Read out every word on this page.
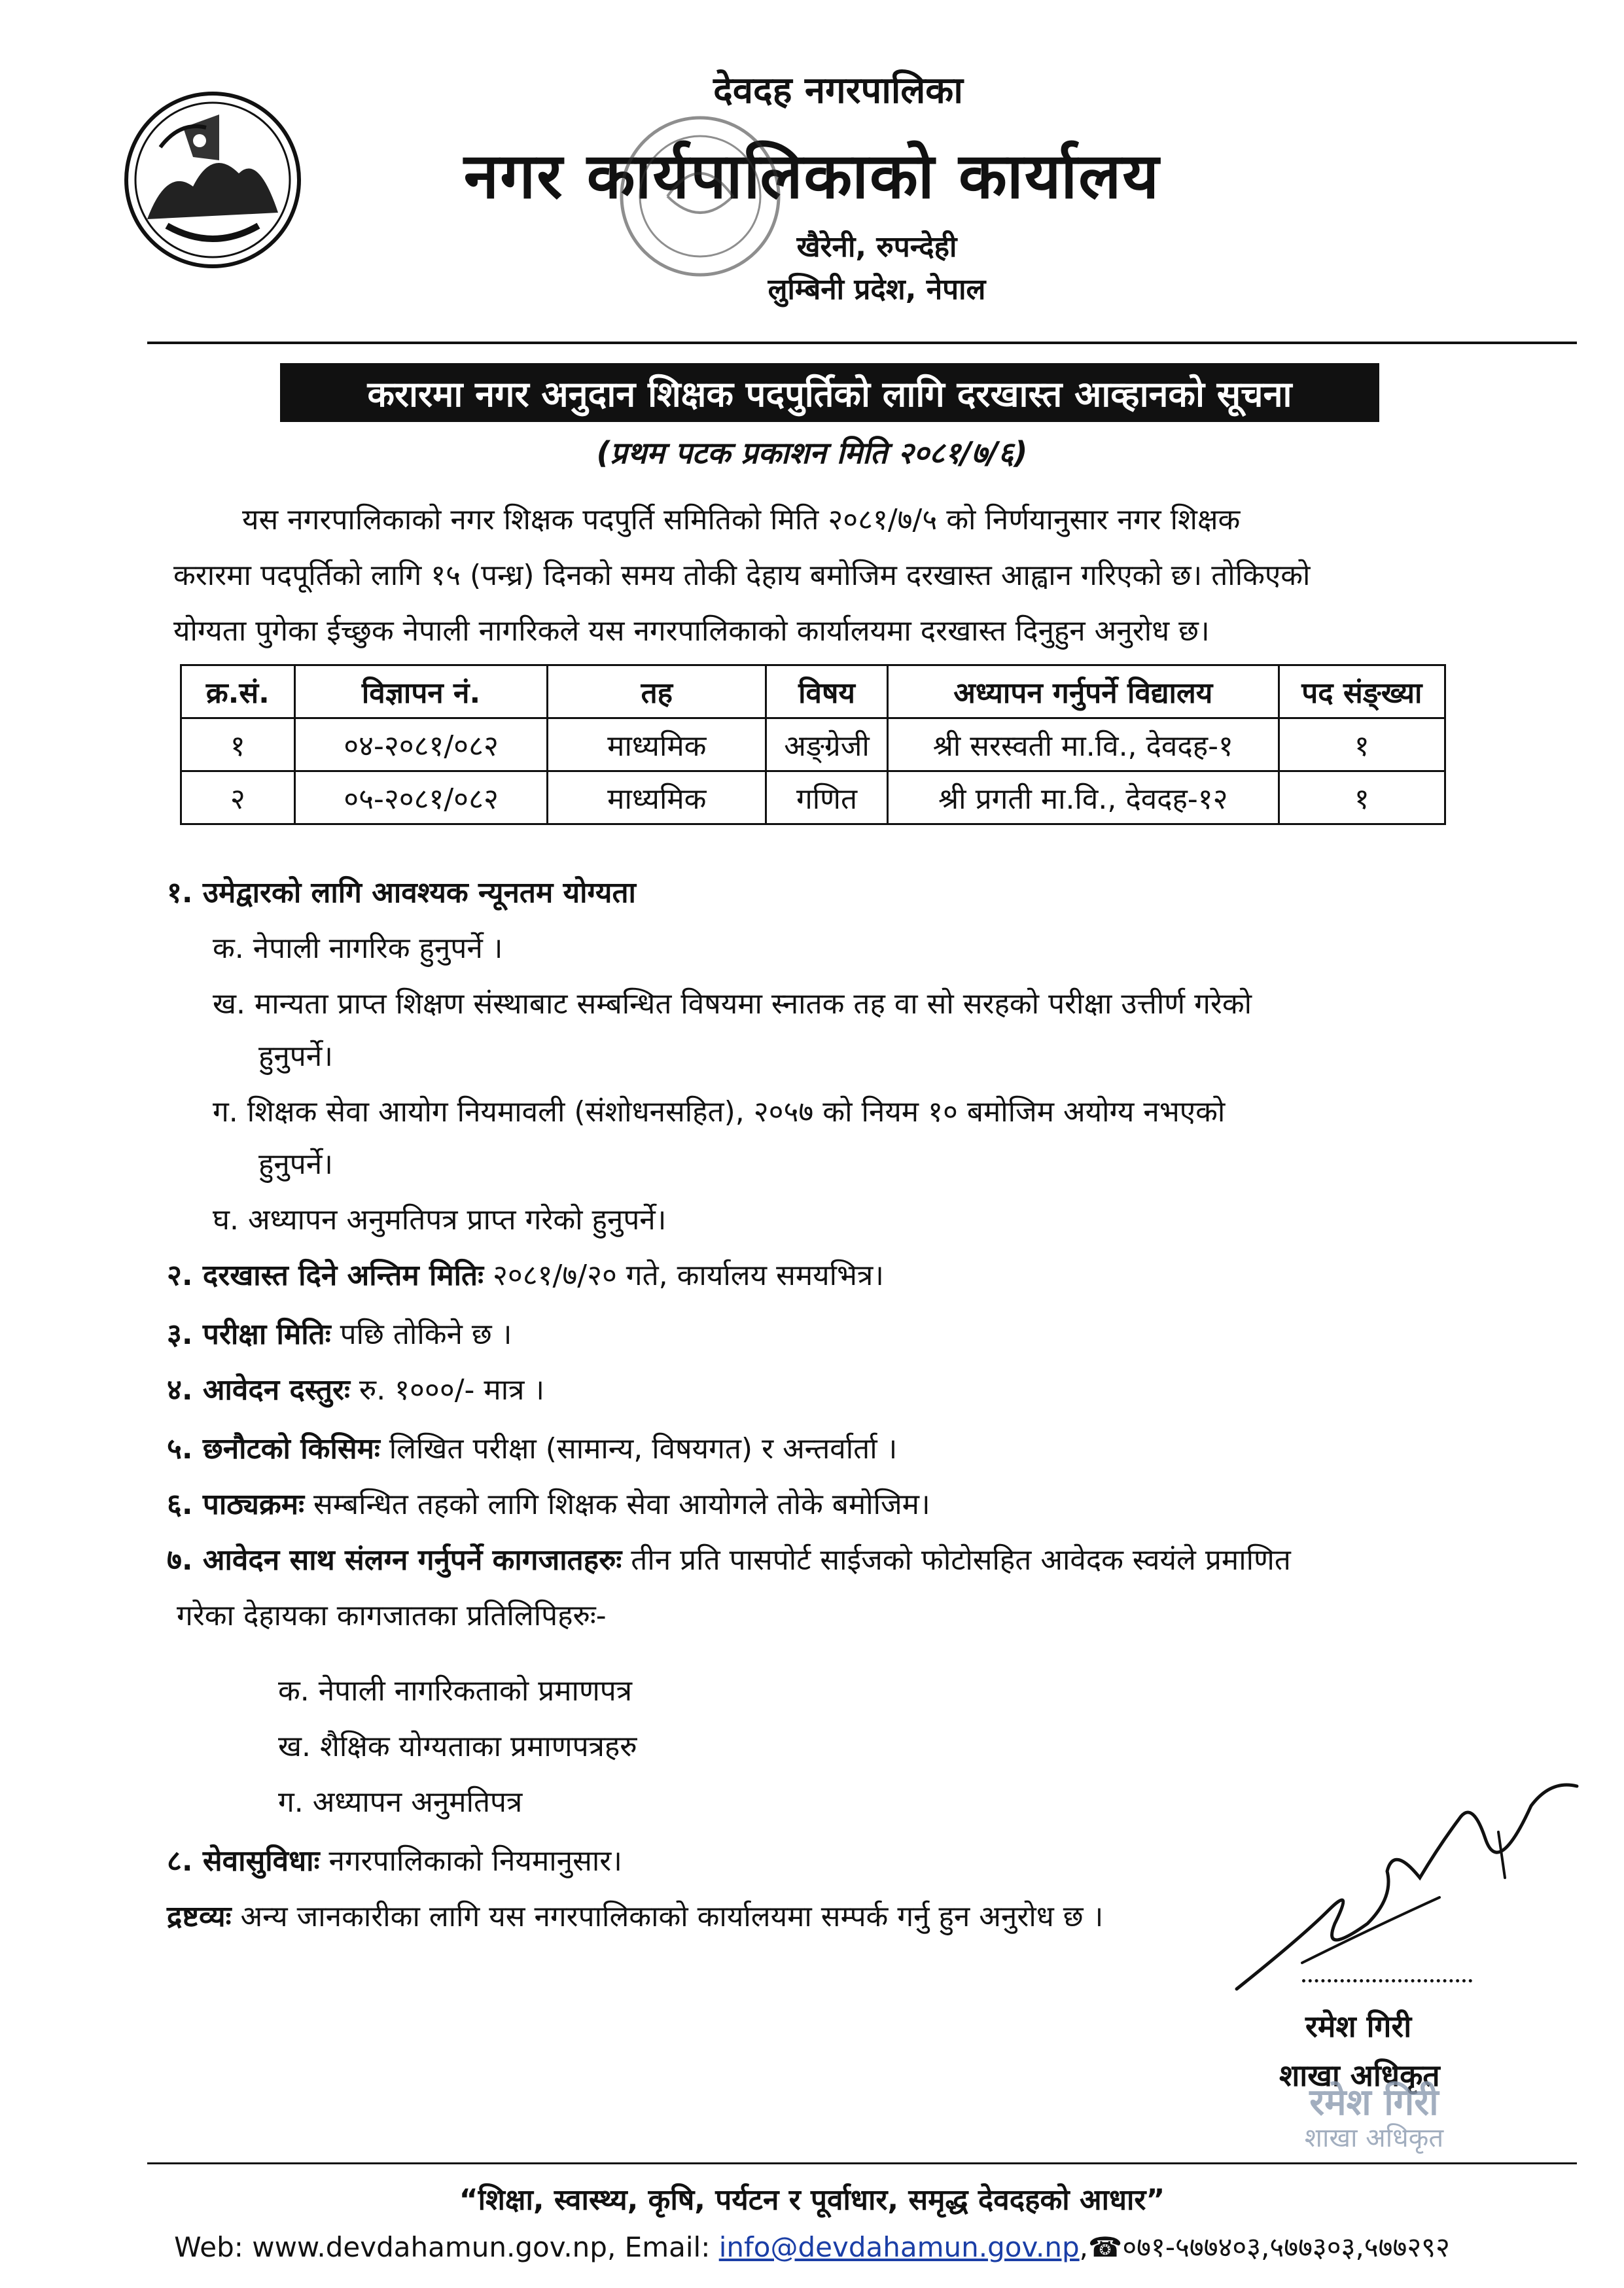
देवदह नगरपालिका
नगर कार्यपालिकाको कार्यालय
खैरेनी, रुपन्देही
लुम्बिनी प्रदेश, नेपाल
करारमा नगर अनुदान शिक्षक पदपुर्तिको लागि दरखास्त आव्हानको सूचना
(प्रथम पटक प्रकाशन मिति २०८१/७/६)
यस नगरपालिकाको नगर शिक्षक पदपुर्ति समितिको मिति २०८१/७/५ को निर्णयानुसार नगर शिक्षक
करारमा पदपूर्तिको लागि १५ (पन्ध्र) दिनको समय तोकी देहाय बमोजिम दरखास्त आह्वान गरिएको छ। तोकिएको
योग्यता पुगेका ईच्छुक नेपाली नागरिकले यस नगरपालिकाको कार्यालयमा दरखास्त दिनुहुन अनुरोध छ।
क्र.सं.	विज्ञापन नं.	तह	विषय	अध्यापन गर्नुपर्ने विद्यालय	पद संङ्ख्या
१	०४-२०८१/०८२	माध्यमिक	अङ्ग्रेजी	श्री सरस्वती मा.वि., देवदह-१	१
२	०५-२०८१/०८२	माध्यमिक	गणित	श्री प्रगती मा.वि., देवदह-१२	१
१. उमेद्वारको लागि आवश्यक न्यूनतम योग्यता
क. नेपाली नागरिक हुनुपर्ने ।
ख. मान्यता प्राप्त शिक्षण संस्थाबाट सम्बन्धित विषयमा स्नातक तह वा सो सरहको परीक्षा उत्तीर्ण गरेको
हुनुपर्ने।
ग. शिक्षक सेवा आयोग नियमावली (संशोधनसहित), २०५७ को नियम १० बमोजिम अयोग्य नभएको
हुनुपर्ने।
घ. अध्यापन अनुमतिपत्र प्राप्त गरेको हुनुपर्ने।
२. दरखास्त दिने अन्तिम मितिः २०८१/७/२० गते, कार्यालय समयभित्र।
३. परीक्षा मितिः पछि तोकिने छ ।
४. आवेदन दस्तुरः रु. १०००/- मात्र ।
५. छनौटको किसिमः लिखित परीक्षा (सामान्य, विषयगत) र अन्तर्वार्ता ।
६. पाठ्यक्रमः सम्बन्धित तहको लागि शिक्षक सेवा आयोगले तोके बमोजिम।
७. आवेदन साथ संलग्न गर्नुपर्ने कागजातहरुः तीन प्रति पासपोर्ट साईजको फोटोसहित आवेदक स्वयंले प्रमाणित
गरेका देहायका कागजातका प्रतिलिपिहरुः-
क. नेपाली नागरिकताको प्रमाणपत्र
ख. शैक्षिक योग्यताका प्रमाणपत्रहरु
ग. अध्यापन अनुमतिपत्र
८. सेवासुविधाः नगरपालिकाको नियमानुसार।
द्रष्टव्यः अन्य जानकारीका लागि यस नगरपालिकाको कार्यालयमा सम्पर्क गर्नु हुन अनुरोध छ ।
रमेश गिरी
शाखा अधिकृत
रमेश गिरी
शाखा अधिकृत
“शिक्षा, स्वास्थ्य, कृषि, पर्यटन र पूर्वाधार, समृद्ध देवदहको आधार”
Web: www.devdahamun.gov.np, Email: info@devdahamun.gov.np,☎०७१-५७७४०३,५७७३०३,५७७२९२
